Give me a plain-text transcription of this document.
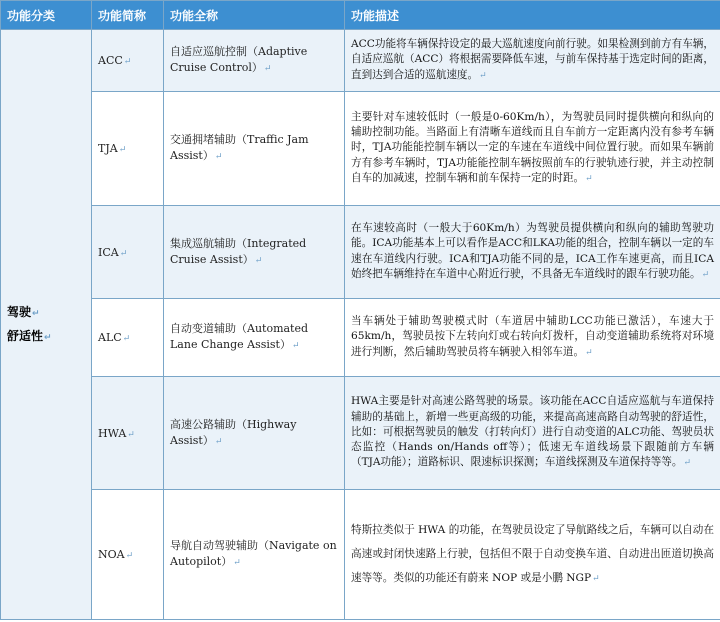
功能分类	功能简称	功能全称	功能描述
驾驶↵
舒适性↵	ACC↵	自适应巡航控制（Adaptive Cruise Control）↵	ACC功能将车辆保持设定的最大巡航速度向前行驶。如果检测到前方有车辆，自适应巡航（ACC）将根据需要降低车速，与前车保持基于选定时间的距离，直到达到合适的巡航速度。↵
	TJA↵	交通拥堵辅助（Traffic Jam Assist）↵	主要针对车速较低时（一般是0-60Km/h），为驾驶员同时提供横向和纵向的辅助控制功能。当路面上有清晰车道线而且自车前方一定距离内没有参考车辆时，TJA功能能控制车辆以一定的车速在车道线中间位置行驶。而如果车辆前方有参考车辆时，TJA功能能控制车辆按照前车的行驶轨迹行驶，并主动控制自车的加减速，控制车辆和前车保持一定的时距。↵
	ICA↵	集成巡航辅助（Integrated Cruise Assist）↵	在车速较高时（一般大于60Km/h）为驾驶员提供横向和纵向的辅助驾驶功能。ICA功能基本上可以看作是ACC和LKA功能的组合，控制车辆以一定的车速在车道线内行驶。ICA和TJA功能不同的是，ICA工作车速更高，而且ICA始终把车辆维持在车道中心附近行驶，不具备无车道线时的跟车行驶功能。↵
	ALC↵	自动变道辅助（Automated Lane Change Assist）↵	当车辆处于辅助驾驶模式时（车道居中辅助LCC功能已激活），车速大于65km/h，驾驶员按下左转向灯或右转向灯拨杆，自动变道辅助系统将对环境进行判断，然后辅助驾驶员将车辆驶入相邻车道。↵
	HWA↵	高速公路辅助（Highway Assist）↵	HWA主要是针对高速公路驾驶的场景。该功能在ACC自适应巡航与车道保持辅助的基础上，新增一些更高级的功能，来提高高速高路自动驾驶的舒适性，比如：可根据驾驶员的触发（打转向灯）进行自动变道的ALC功能、驾驶员状态监控（Hands on/Hands off等）；低速无车道线场景下跟随前方车辆（TJA功能）；道路标识、限速标识探测；车道线探测及车道保持等等。↵
	NOA↵	导航自动驾驶辅助（Navigate on Autopilot）↵	特斯拉类似于 HWA 的功能，在驾驶员设定了导航路线之后，车辆可以自动在高速或封闭快速路上行驶，包括但不限于自动变换车道、自动进出匝道切换高速等等。类似的功能还有蔚来 NOP 或是小鹏 NGP↵
